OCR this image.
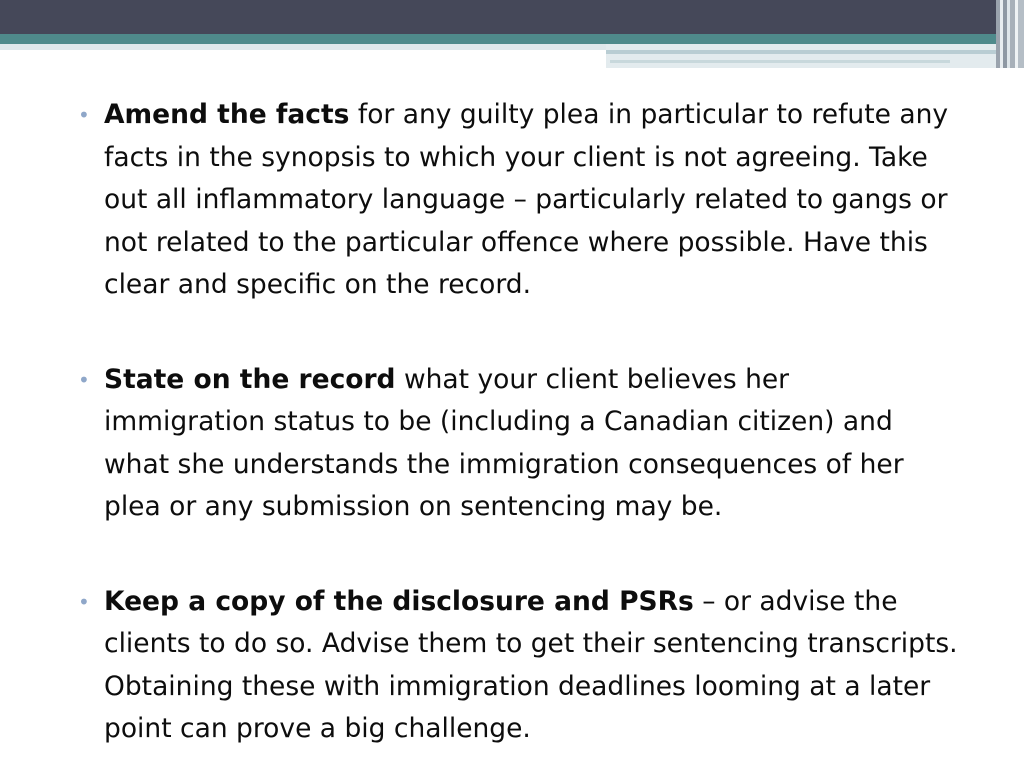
• Amend the facts for any guilty plea in particular to refute any facts in the synopsis to which your client is not agreeing. Take out all inflammatory language – particularly related to gangs or not related to the particular offence where possible. Have this clear and specific on the record.

• State on the record what your client believes her immigration status to be (including a Canadian citizen) and what she understands the immigration consequences of her plea or any submission on sentencing may be.

• Keep a copy of the disclosure and PSRs – or advise the clients to do so. Advise them to get their sentencing transcripts. Obtaining these with immigration deadlines looming at a later point can prove a big challenge.
